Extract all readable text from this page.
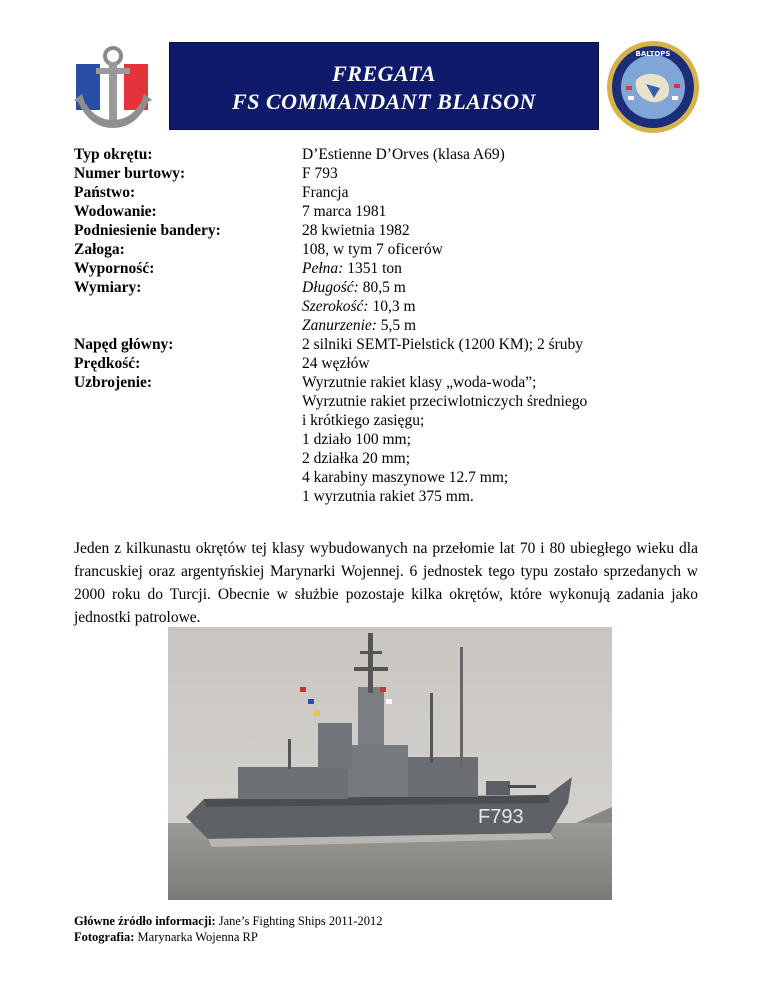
FREGATA
FS COMMANDANT BLAISON
BALTOPS
Typ okrętu:	D’Estienne D’Orves (klasa A69)
Numer burtowy:	F 793
Państwo:	Francja
Wodowanie:	7 marca 1981
Podniesienie bandery:	28 kwietnia 1982
Załoga:	108, w tym 7 oficerów
Wyporność:	Pełna: 1351 ton
Wymiary:	Długość: 80,5 m
Szerokość: 10,3 m
Zanurzenie: 5,5 m
Napęd główny:	2 silniki SEMT-Pielstick (1200 KM); 2 śruby
Prędkość:	24 węzłów
Uzbrojenie:	Wyrzutnie rakiet klasy „woda-woda”;
Wyrzutnie rakiet przeciwlotniczych średniego
i krótkiego zasięgu;
1 działo 100 mm;
2 działka 20 mm;
4 karabiny maszynowe 12.7 mm;
1 wyrzutnia rakiet 375 mm.
Jeden z kilkunastu okrętów tej klasy wybudowanych na przełomie lat 70 i 80 ubiegłego wieku dla francuskiej oraz argentyńskiej Marynarki Wojennej. 6 jednostek tego typu zostało sprzedanych w 2000 roku do Turcji. Obecnie w służbie pozostaje kilka okrętów, które wykonują zadania jako jednostki patrolowe.
F793
Główne źródło informacji: Jane’s Fighting Ships 2011-2012
Fotografia: Marynarka Wojenna RP
